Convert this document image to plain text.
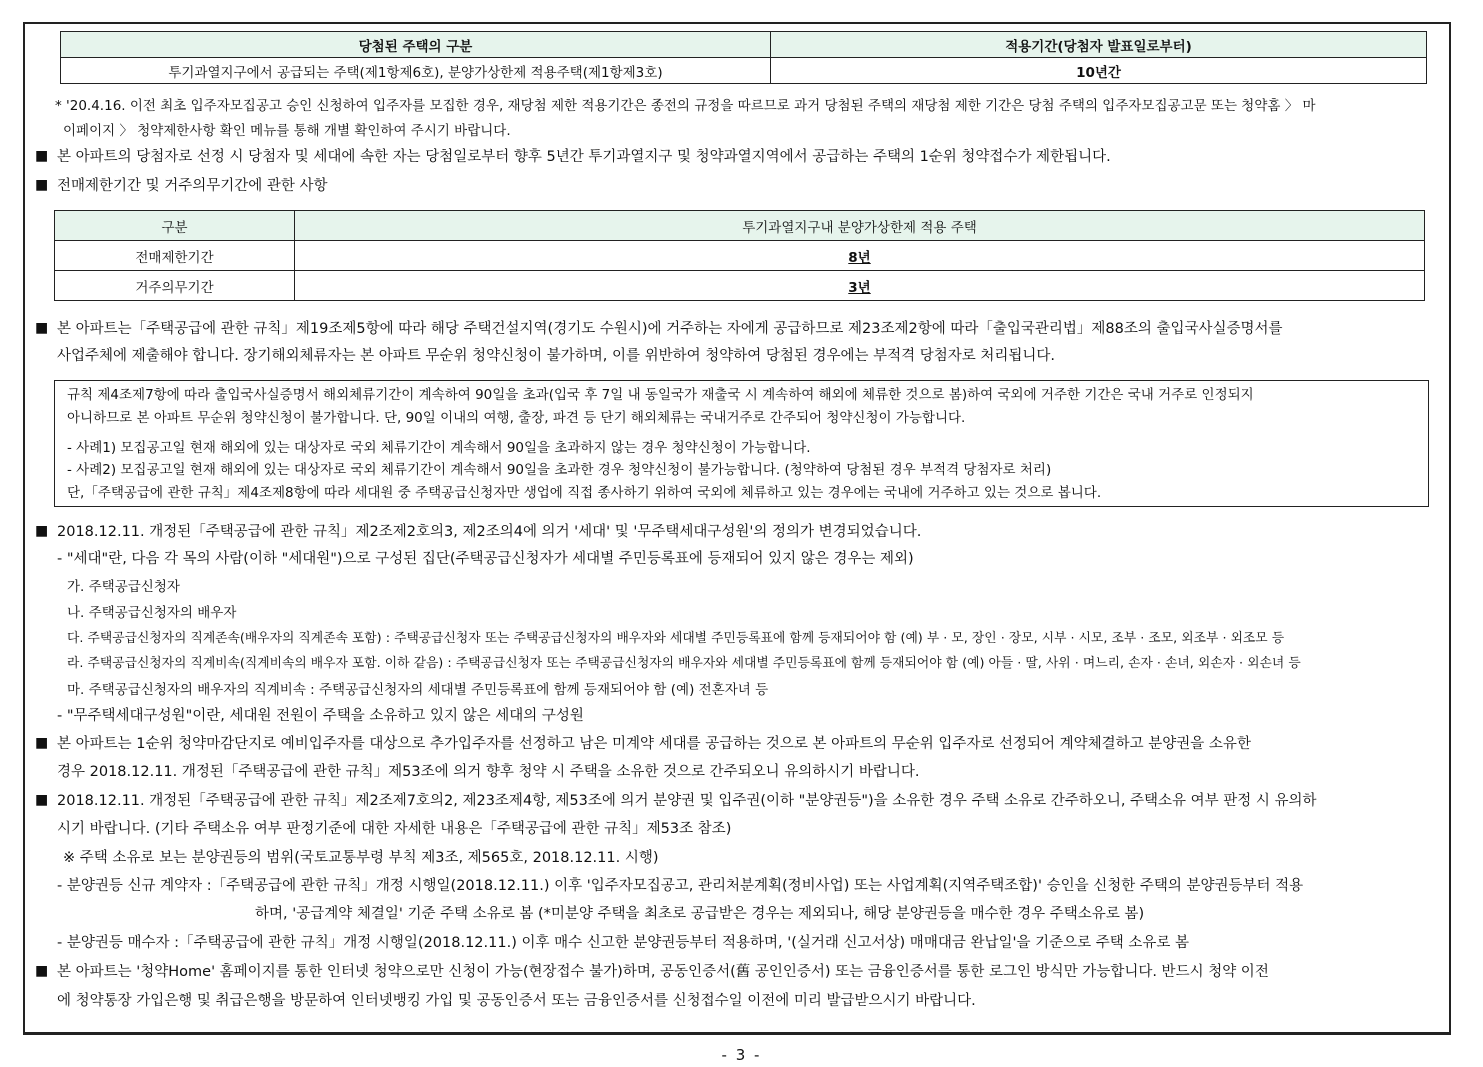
당첨된 주택의 구분	적용기간(당첨자 발표일로부터)
투기과열지구에서 공급되는 주택(제1항제6호), 분양가상한제 적용주택(제1항제3호)	10년간
* '20.4.16. 이전 최초 입주자모집공고 승인 신청하여 입주자를 모집한 경우, 재당첨 제한 적용기간은 종전의 규정을 따르므로 과거 당첨된 주택의 재당첨 제한 기간은 당첨 주택의 입주자모집공고문 또는 청약홈 〉 마
이페이지 〉 청약제한사항 확인 메뉴를 통해 개별 확인하여 주시기 바랍니다.
■ 본 아파트의 당첨자로 선정 시 당첨자 및 세대에 속한 자는 당첨일로부터 향후 5년간 투기과열지구 및 청약과열지역에서 공급하는 주택의 1순위 청약접수가 제한됩니다.
■ 전매제한기간 및 거주의무기간에 관한 사항
구분	투기과열지구내 분양가상한제 적용 주택
전매제한기간	8년
거주의무기간	3년
■ 본 아파트는「주택공급에 관한 규칙」제19조제5항에 따라 해당 주택건설지역(경기도 수원시)에 거주하는 자에게 공급하므로 제23조제2항에 따라「출입국관리법」제88조의 출입국사실증명서를
사업주체에 제출해야 합니다. 장기해외체류자는 본 아파트 무순위 청약신청이 불가하며, 이를 위반하여 청약하여 당첨된 경우에는 부적격 당첨자로 처리됩니다.
규칙 제4조제7항에 따라 출입국사실증명서 해외체류기간이 계속하여 90일을 초과(입국 후 7일 내 동일국가 재출국 시 계속하여 해외에 체류한 것으로 봄)하여 국외에 거주한 기간은 국내 거주로 인정되지
아니하므로 본 아파트 무순위 청약신청이 불가합니다. 단, 90일 이내의 여행, 출장, 파견 등 단기 해외체류는 국내거주로 간주되어 청약신청이 가능합니다.
- 사례1) 모집공고일 현재 해외에 있는 대상자로 국외 체류기간이 계속해서 90일을 초과하지 않는 경우 청약신청이 가능합니다.
- 사례2) 모집공고일 현재 해외에 있는 대상자로 국외 체류기간이 계속해서 90일을 초과한 경우 청약신청이 불가능합니다. (청약하여 당첨된 경우 부적격 당첨자로 처리)
단,「주택공급에 관한 규칙」제4조제8항에 따라 세대원 중 주택공급신청자만 생업에 직접 종사하기 위하여 국외에 체류하고 있는 경우에는 국내에 거주하고 있는 것으로 봅니다.
■ 2018.12.11. 개정된「주택공급에 관한 규칙」제2조제2호의3, 제2조의4에 의거 '세대' 및 '무주택세대구성원'의 정의가 변경되었습니다.
- "세대"란, 다음 각 목의 사람(이하 "세대원")으로 구성된 집단(주택공급신청자가 세대별 주민등록표에 등재되어 있지 않은 경우는 제외)
가. 주택공급신청자
나. 주택공급신청자의 배우자
다. 주택공급신청자의 직계존속(배우자의 직계존속 포함) : 주택공급신청자 또는 주택공급신청자의 배우자와 세대별 주민등록표에 함께 등재되어야 함 (예) 부 · 모, 장인 · 장모, 시부 · 시모, 조부 · 조모, 외조부 · 외조모 등
라. 주택공급신청자의 직계비속(직계비속의 배우자 포함. 이하 같음) : 주택공급신청자 또는 주택공급신청자의 배우자와 세대별 주민등록표에 함께 등재되어야 함 (예) 아들 · 딸, 사위 · 며느리, 손자 · 손녀, 외손자 · 외손녀 등
마. 주택공급신청자의 배우자의 직계비속 : 주택공급신청자의 세대별 주민등록표에 함께 등재되어야 함 (예) 전혼자녀 등
- "무주택세대구성원"이란, 세대원 전원이 주택을 소유하고 있지 않은 세대의 구성원
■ 본 아파트는 1순위 청약마감단지로 예비입주자를 대상으로 추가입주자를 선정하고 남은 미계약 세대를 공급하는 것으로 본 아파트의 무순위 입주자로 선정되어 계약체결하고 분양권을 소유한
경우 2018.12.11. 개정된「주택공급에 관한 규칙」제53조에 의거 향후 청약 시 주택을 소유한 것으로 간주되오니 유의하시기 바랍니다.
■ 2018.12.11. 개정된「주택공급에 관한 규칙」제2조제7호의2, 제23조제4항, 제53조에 의거 분양권 및 입주권(이하 "분양권등")을 소유한 경우 주택 소유로 간주하오니, 주택소유 여부 판정 시 유의하
시기 바랍니다. (기타 주택소유 여부 판정기준에 대한 자세한 내용은「주택공급에 관한 규칙」제53조 참조)
※ 주택 소유로 보는 분양권등의 범위(국토교통부령 부칙 제3조, 제565호, 2018.12.11. 시행)
- 분양권등 신규 계약자 :「주택공급에 관한 규칙」개정 시행일(2018.12.11.) 이후 '입주자모집공고, 관리처분계획(정비사업) 또는 사업계획(지역주택조합)' 승인을 신청한 주택의 분양권등부터 적용
하며, '공급계약 체결일' 기준 주택 소유로 봄 (*미분양 주택을 최초로 공급받은 경우는 제외되나, 해당 분양권등을 매수한 경우 주택소유로 봄)
- 분양권등 매수자 :「주택공급에 관한 규칙」개정 시행일(2018.12.11.) 이후 매수 신고한 분양권등부터 적용하며, '(실거래 신고서상) 매매대금 완납일'을 기준으로 주택 소유로 봄
■ 본 아파트는 '청약Home' 홈페이지를 통한 인터넷 청약으로만 신청이 가능(현장접수 불가)하며, 공동인증서(舊 공인인증서) 또는 금융인증서를 통한 로그인 방식만 가능합니다. 반드시 청약 이전
에 청약통장 가입은행 및 취급은행을 방문하여 인터넷뱅킹 가입 및 공동인증서 또는 금융인증서를 신청접수일 이전에 미리 발급받으시기 바랍니다.
- 3 -
